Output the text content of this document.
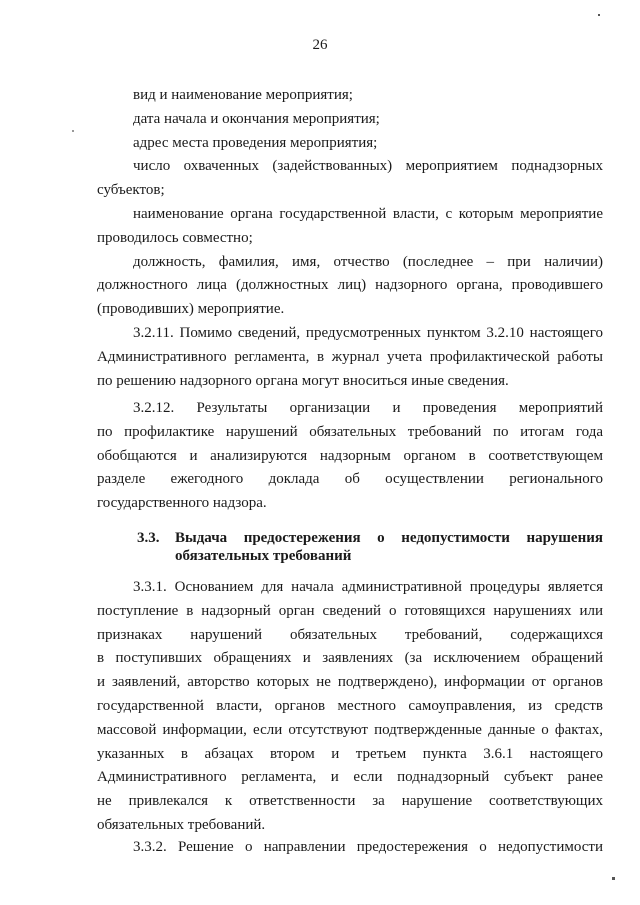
26
вид и наименование мероприятия;
дата начала и окончания мероприятия;
адрес места проведения мероприятия;
число охваченных (задействованных) мероприятием поднадзорных
субъектов;
наименование органа государственной власти, с которым мероприятие
проводилось совместно;
должность, фамилия, имя, отчество (последнее – при наличии)
должностного лица (должностных лиц) надзорного органа, проводившего
(проводивших) мероприятие.
3.2.11. Помимо сведений, предусмотренных пунктом 3.2.10 настоящего
Административного регламента, в журнал учета профилактической работы
по решению надзорного органа могут вноситься иные сведения.
3.2.12. Результаты организации и проведения мероприятий
по профилактике нарушений обязательных требований по итогам года
обобщаются и анализируются надзорным органом в соответствующем
разделе ежегодного доклада об осуществлении регионального
государственного надзора.
3.3. Выдача предостережения о недопустимости нарушения
обязательных требований
3.3.1. Основанием для начала административной процедуры является
поступление в надзорный орган сведений о готовящихся нарушениях или
признаках нарушений обязательных требований, содержащихся
в поступивших обращениях и заявлениях (за исключением обращений
и заявлений, авторство которых не подтверждено), информации от органов
государственной власти, органов местного самоуправления, из средств
массовой информации, если отсутствуют подтвержденные данные о фактах,
указанных в абзацах втором и третьем пункта 3.6.1 настоящего
Административного регламента, и если поднадзорный субъект ранее
не привлекался к ответственности за нарушение соответствующих
обязательных требований.
3.3.2. Решение о направлении предостережения о недопустимости
